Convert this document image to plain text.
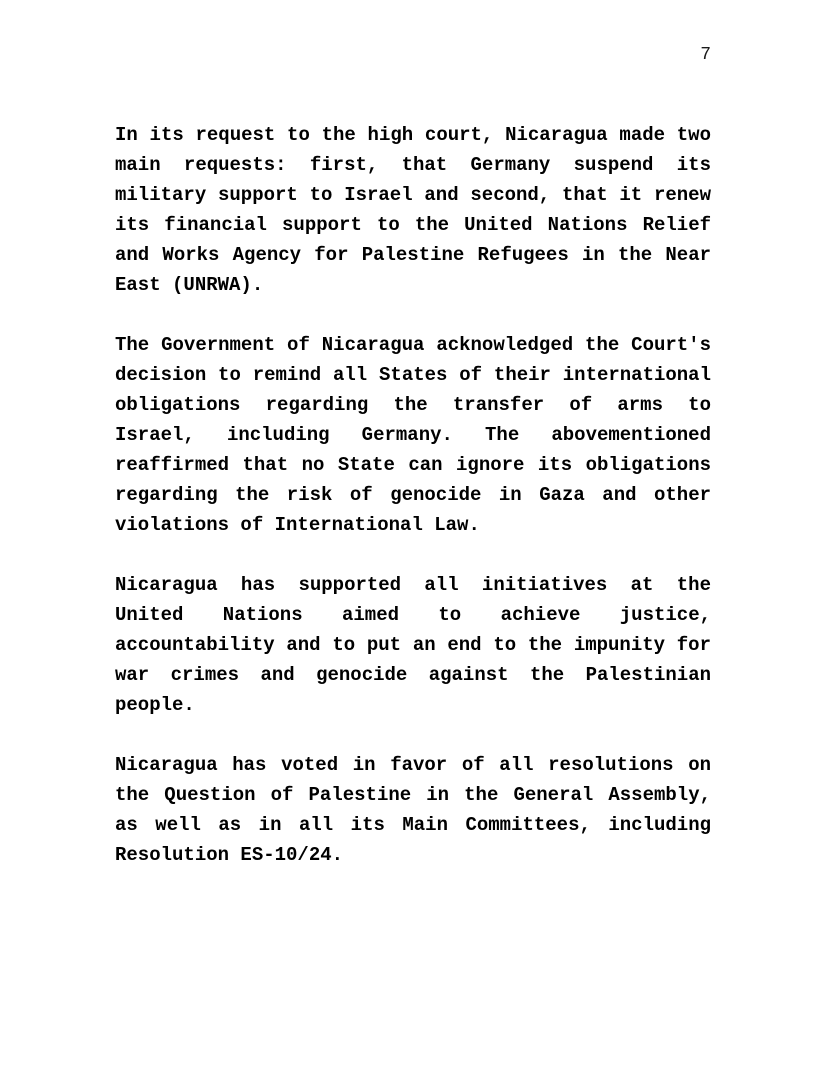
7

In its request to the high court, Nicaragua made two main requests: first, that Germany suspend its military support to Israel and second, that it renew its financial support to the United Nations Relief and Works Agency for Palestine Refugees in the Near East (UNRWA).

The Government of Nicaragua acknowledged the Court's decision to remind all States of their international obligations regarding the transfer of arms to Israel, including Germany. The abovementioned reaffirmed that no State can ignore its obligations regarding the risk of genocide in Gaza and other violations of International Law.

Nicaragua has supported all initiatives at the United Nations aimed to achieve justice, accountability and to put an end to the impunity for war crimes and genocide against the Palestinian people.

Nicaragua has voted in favor of all resolutions on the Question of Palestine in the General Assembly, as well as in all its Main Committees, including Resolution ES-10/24.
